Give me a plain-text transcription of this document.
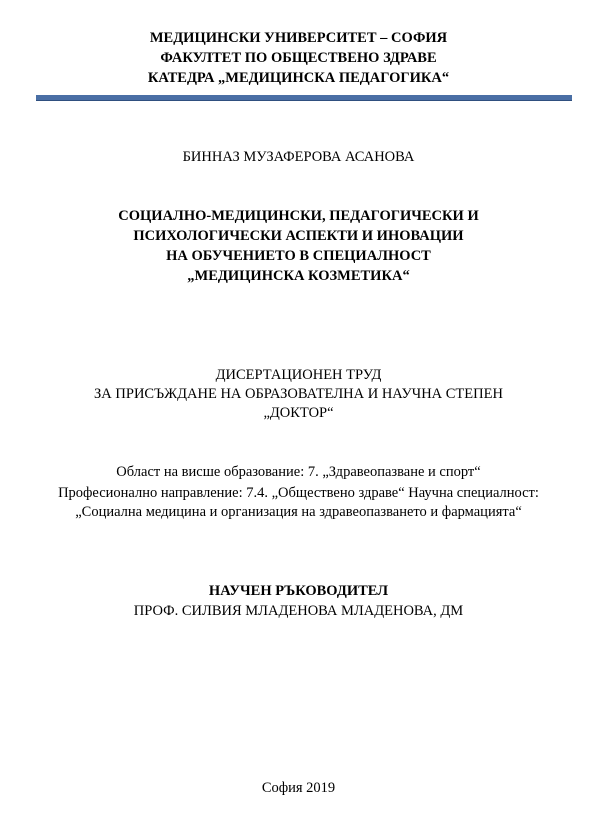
МЕДИЦИНСКИ УНИВЕРСИТЕТ – СОФИЯ
ФАКУЛТЕТ ПО ОБЩЕСТВЕНО ЗДРАВЕ
КАТЕДРА „МЕДИЦИНСКА ПЕДАГОГИКА“
БИННАЗ МУЗАФЕРОВА АСАНОВА
СОЦИАЛНО-МЕДИЦИНСКИ, ПЕДАГОГИЧЕСКИ И
ПСИХОЛОГИЧЕСКИ АСПЕКТИ И ИНОВАЦИИ
НА ОБУЧЕНИЕТО В СПЕЦИАЛНОСТ
„МЕДИЦИНСКА КОЗМЕТИКА“
ДИСЕРТАЦИОНЕН ТРУД
ЗА ПРИСЪЖДАНЕ НА ОБРАЗОВАТЕЛНА И НАУЧНА СТЕПЕН
„ДОКТОР“
Област на висше образование: 7. „Здравеопазване и спорт“
Професионално направление: 7.4. „Обществено здраве“ Научна специалност:
„Социална медицина и организация на здравеопазването и фармацията“
НАУЧЕН РЪКОВОДИТЕЛ
ПРОФ. СИЛВИЯ МЛАДЕНОВА МЛАДЕНОВА, ДМ
София 2019
